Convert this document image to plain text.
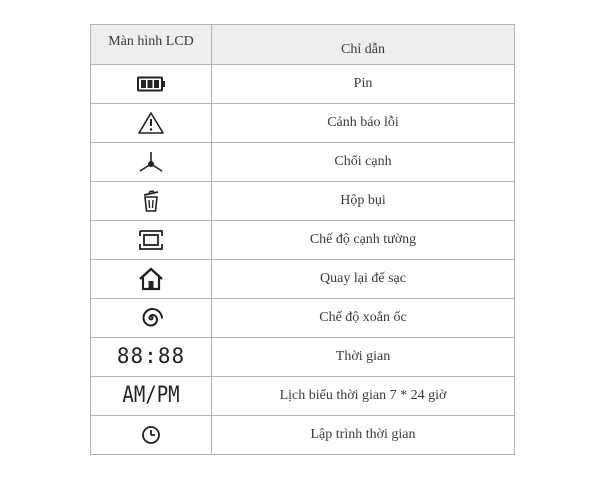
Màn hình LCD	Chỉ dẫn
	Pin
	Cảnh báo lỗi
	Chổi cạnh
	Hộp bụi
	Chế độ cạnh tường
	Quay lại đế sạc
	Chế độ xoắn ốc
88:88	Thời gian
AM/PM	Lịch biểu thời gian 7 * 24 giờ
	Lập trình thời gian
